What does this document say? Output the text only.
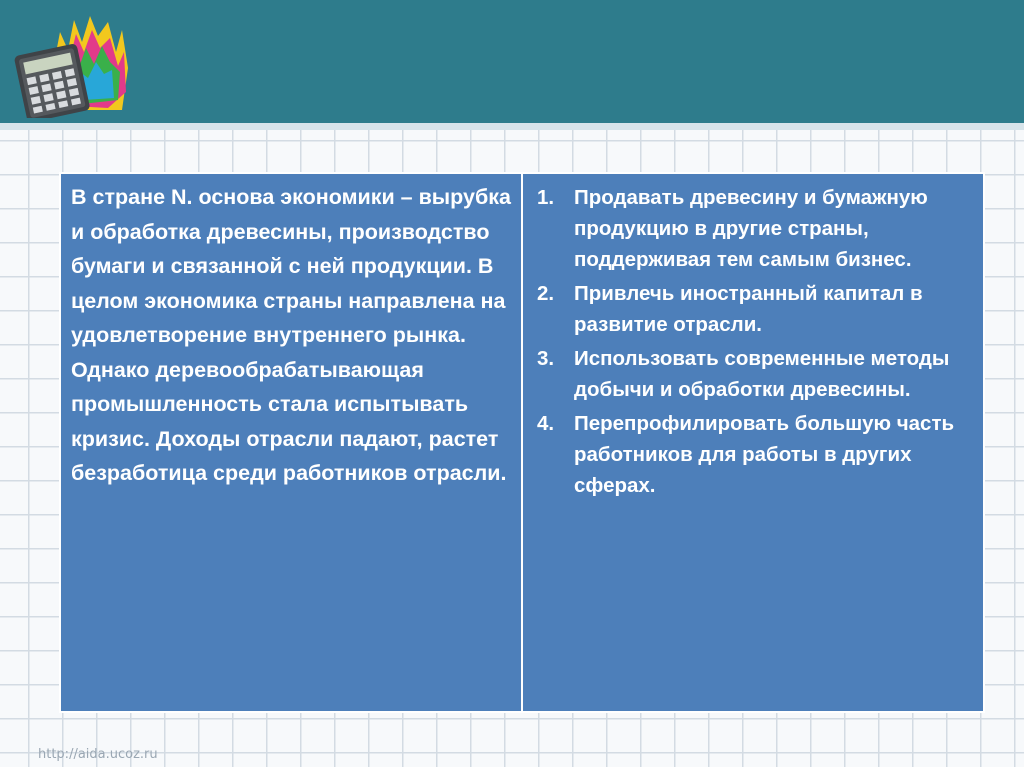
В стране N. основа экономики – вырубка и обработка древесины, производство бумаги и связанной с ней продукции. В целом экономика страны направлена на удовлетворение внутреннего рынка. Однако деревообрабатывающая промышленность стала испытывать кризис. Доходы отрасли падают, растет безработица среди работников отрасли.
1. Продавать древесину и бумажную продукцию в другие страны, поддерживая тем самым бизнес.
2. Привлечь иностранный капитал в развитие отрасли.
3. Использовать современные методы добычи и обработки древесины.
4. Перепрофилировать большую часть работников для работы в других сферах.
http://aida.ucoz.ru
